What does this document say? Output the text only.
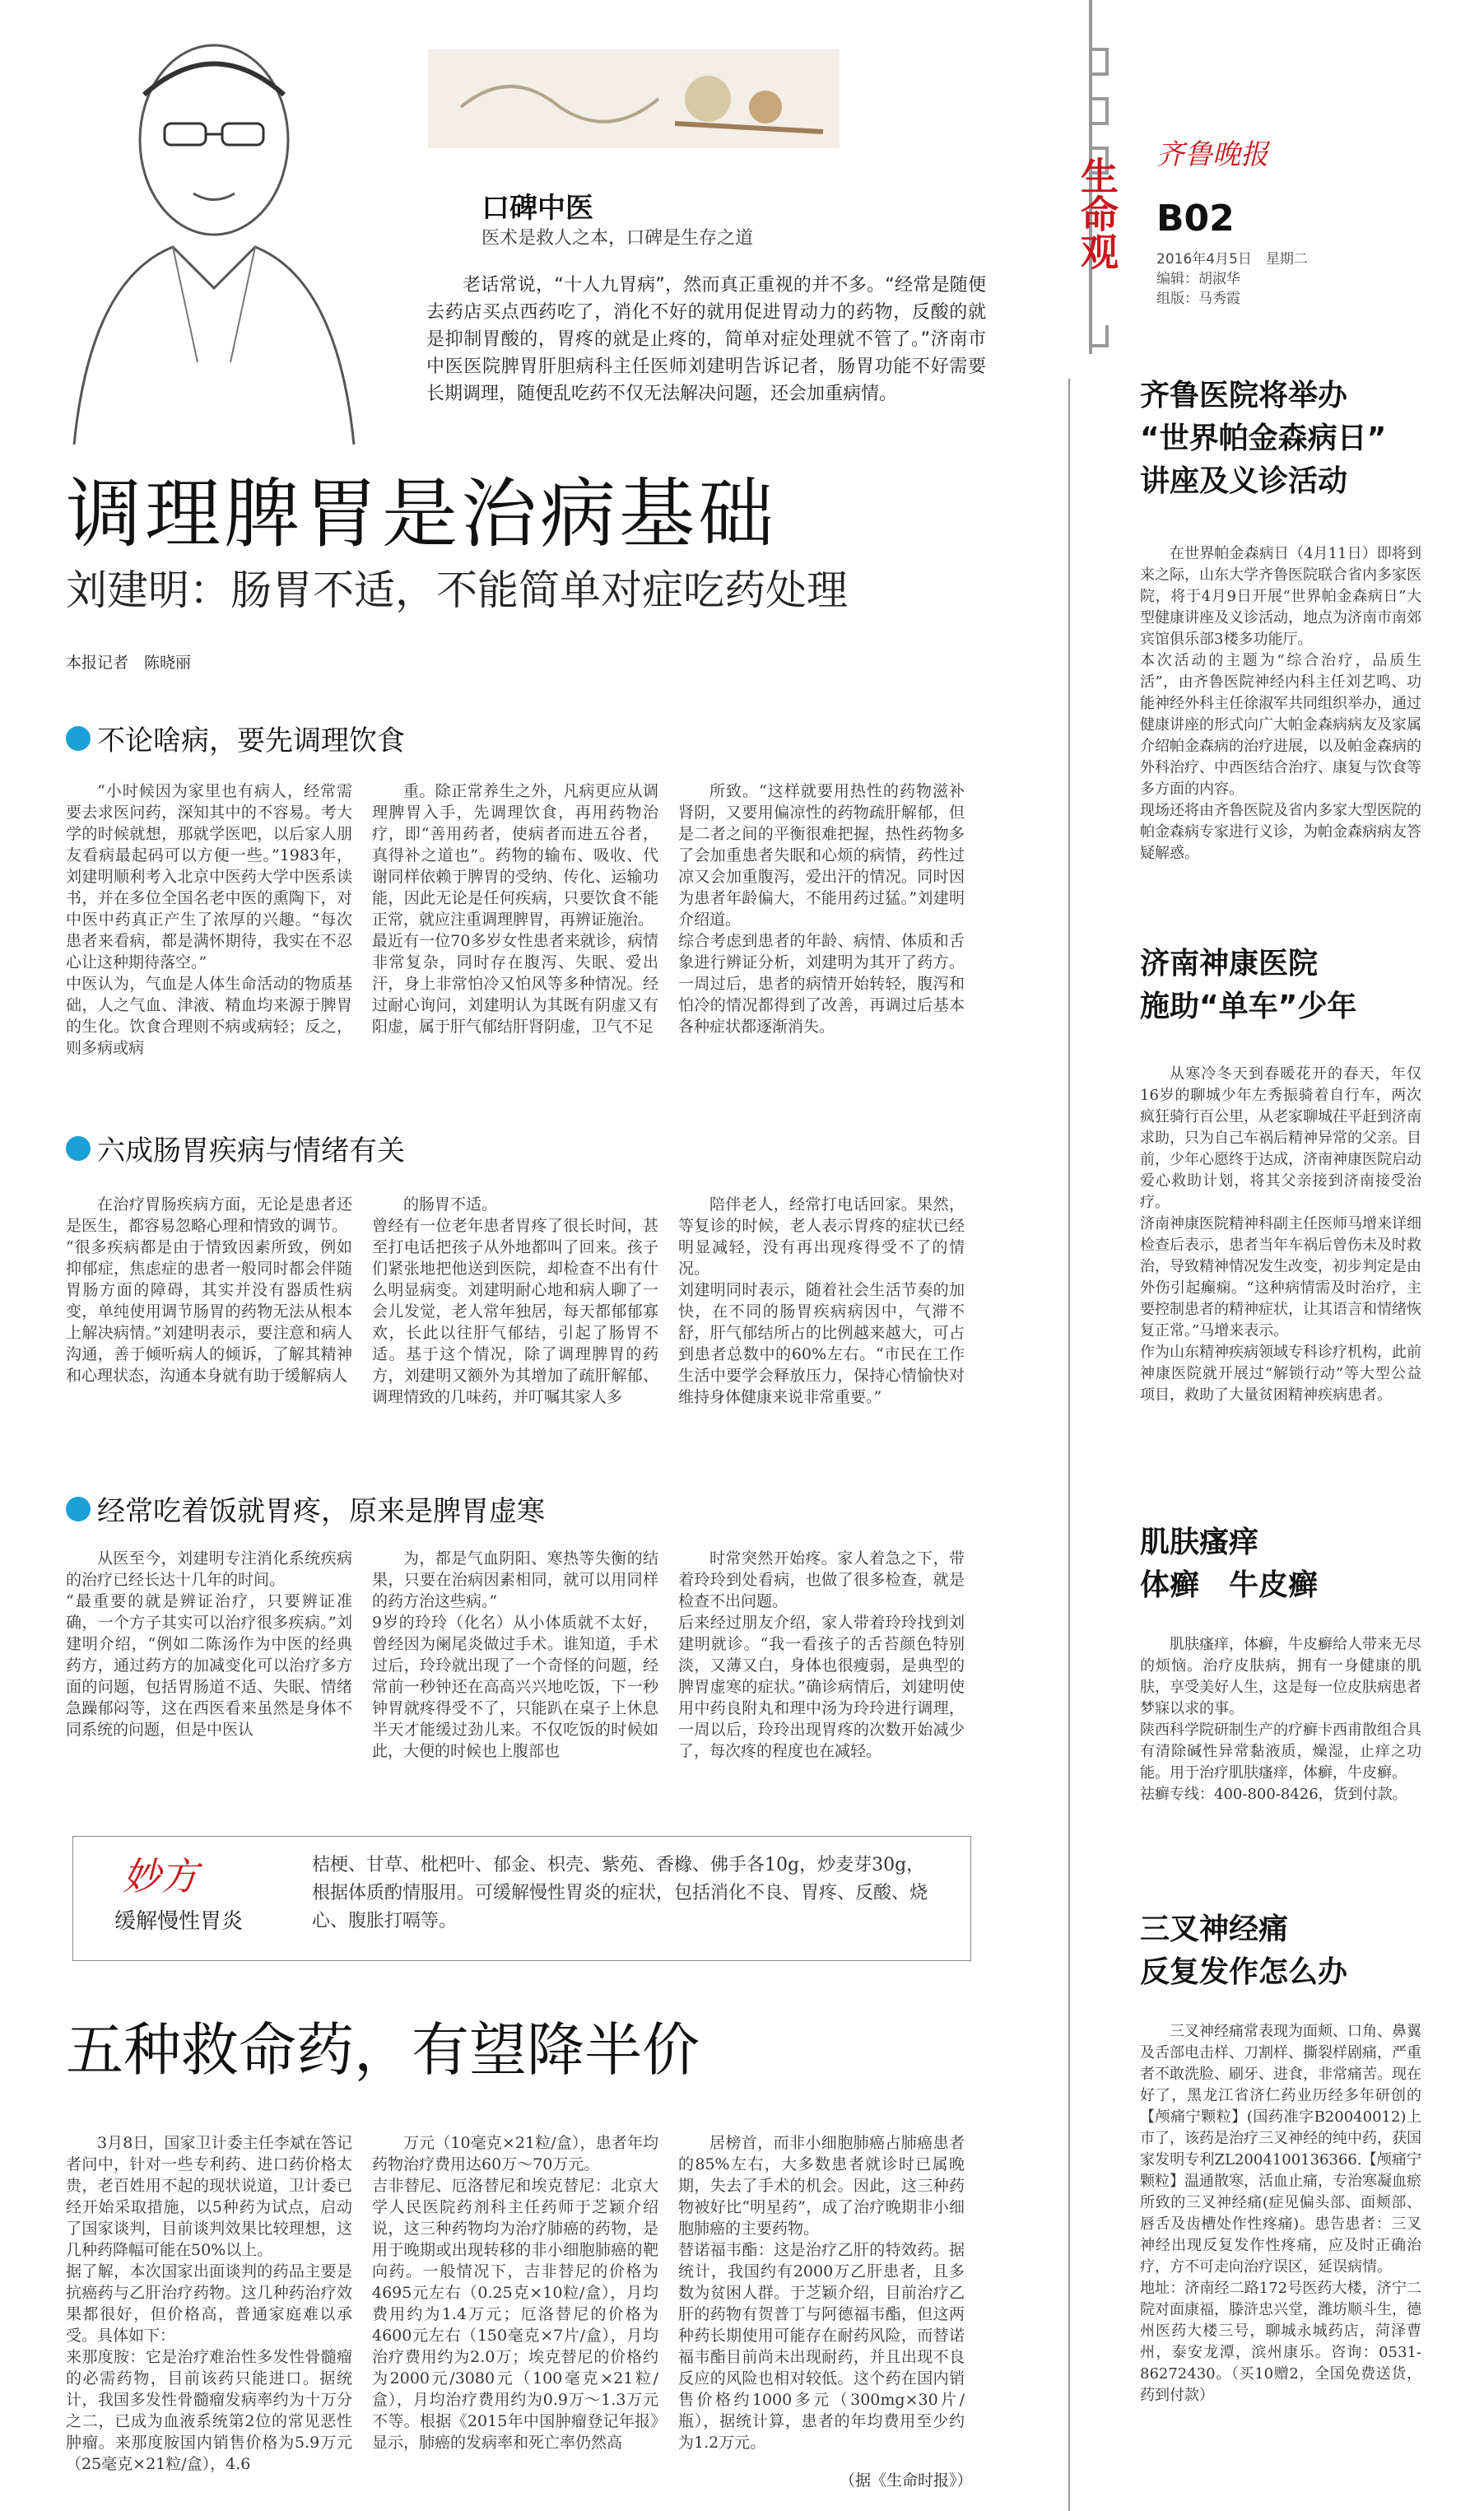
生命观
齐鲁晚报
B02
2016年4月5日　星期二
编辑：胡淑华
组版：马秀霞
口碑中医
医术是救人之本，口碑是生存之道
老话常说，“十人九胃病”，然而真正重视的并不多。“经常是随便去药店买点西药吃了，消化不好的就用促进胃动力的药物，反酸的就是抑制胃酸的，胃疼的就是止疼的，简单对症处理就不管了。”济南市中医医院脾胃肝胆病科主任医师刘建明告诉记者，肠胃功能不好需要长期调理，随便乱吃药不仅无法解决问题，还会加重病情。
调理脾胃是治病基础
刘建明：肠胃不适，不能简单对症吃药处理
本报记者　陈晓丽
不论啥病，要先调理饮食
“小时候因为家里也有病人，经常需要去求医问药，深知其中的不容易。考大学的时候就想，那就学医吧，以后家人朋友看病最起码可以方便一些。”1983年，刘建明顺利考入北京中医药大学中医系读书，并在多位全国名老中医的熏陶下，对中医中药真正产生了浓厚的兴趣。“每次患者来看病，都是满怀期待，我实在不忍心让这种期待落空。”
中医认为，气血是人体生命活动的物质基础，人之气血、津液、精血均来源于脾胃的生化。饮食合理则不病或病轻；反之，则多病或病
重。除正常养生之外，凡病更应从调理脾胃入手，先调理饮食，再用药物治疗，即“善用药者，使病者而进五谷者，真得补之道也”。药物的输布、吸收、代谢同样依赖于脾胃的受纳、传化、运输功能，因此无论是任何疾病，只要饮食不能正常，就应注重调理脾胃，再辨证施治。
最近有一位70多岁女性患者来就诊，病情非常复杂，同时存在腹泻、失眠、爱出汗，身上非常怕冷又怕风等多种情况。经过耐心询问，刘建明认为其既有阴虚又有阳虚，属于肝气郁结肝肾阴虚，卫气不足
所致。“这样就要用热性的药物滋补肾阴，又要用偏凉性的药物疏肝解郁，但是二者之间的平衡很难把握，热性药物多了会加重患者失眠和心烦的病情，药性过凉又会加重腹泻，爱出汗的情况。同时因为患者年龄偏大，不能用药过猛。”刘建明介绍道。
综合考虑到患者的年龄、病情、体质和舌象进行辨证分析，刘建明为其开了药方。一周过后，患者的病情开始转轻，腹泻和怕冷的情况都得到了改善，再调过后基本各种症状都逐渐消失。
六成肠胃疾病与情绪有关
在治疗胃肠疾病方面，无论是患者还是医生，都容易忽略心理和情致的调节。
“很多疾病都是由于情致因素所致，例如抑郁症，焦虑症的患者一般同时都会伴随胃肠方面的障碍，其实并没有器质性病变，单纯使用调节肠胃的药物无法从根本上解决病情。”刘建明表示，要注意和病人沟通，善于倾听病人的倾诉，了解其精神和心理状态，沟通本身就有助于缓解病人
的肠胃不适。
曾经有一位老年患者胃疼了很长时间，甚至打电话把孩子从外地都叫了回来。孩子们紧张地把他送到医院，却检查不出有什么明显病变。刘建明耐心地和病人聊了一会儿发觉，老人常年独居，每天都郁郁寡欢，长此以往肝气郁结，引起了肠胃不适。基于这个情况，除了调理脾胃的药方，刘建明又额外为其增加了疏肝解郁、调理情致的几味药，并叮嘱其家人多
陪伴老人，经常打电话回家。果然，等复诊的时候，老人表示胃疼的症状已经明显减轻，没有再出现疼得受不了的情况。
刘建明同时表示，随着社会生活节奏的加快，在不同的肠胃疾病病因中，气滞不舒，肝气郁结所占的比例越来越大，可占到患者总数中的60%左右。“市民在工作生活中要学会释放压力，保持心情愉快对维持身体健康来说非常重要。”
经常吃着饭就胃疼，原来是脾胃虚寒
从医至今，刘建明专注消化系统疾病的治疗已经长达十几年的时间。
“最重要的就是辨证治疗，只要辨证准确，一个方子其实可以治疗很多疾病。”刘建明介绍，“例如二陈汤作为中医的经典药方，通过药方的加减变化可以治疗多方面的问题，包括胃肠道不适、失眠、情绪急躁郁闷等，这在西医看来虽然是身体不同系统的问题，但是中医认
为，都是气血阴阳、寒热等失衡的结果，只要在治病因素相同，就可以用同样的药方治这些病。”
9岁的玲玲（化名）从小体质就不太好，曾经因为阑尾炎做过手术。谁知道，手术过后，玲玲就出现了一个奇怪的问题，经常前一秒钟还在高高兴兴地吃饭，下一秒钟胃就疼得受不了，只能趴在桌子上休息半天才能缓过劲儿来。不仅吃饭的时候如此，大便的时候也上腹部也
时常突然开始疼。家人着急之下，带着玲玲到处看病，也做了很多检查，就是检查不出问题。
后来经过朋友介绍，家人带着玲玲找到刘建明就诊。“我一看孩子的舌苔颜色特别淡，又薄又白，身体也很瘦弱，是典型的脾胃虚寒的症状。”确诊病情后，刘建明使用中药良附丸和理中汤为玲玲进行调理，一周以后，玲玲出现胃疼的次数开始减少了，每次疼的程度也在减轻。
妙方
缓解慢性胃炎
桔梗、甘草、枇杷叶、郁金、枳壳、紫苑、香橼、佛手各10g，炒麦芽30g，根据体质酌情服用。可缓解慢性胃炎的症状，包括消化不良、胃疼、反酸、烧心、腹胀打嗝等。
五种救命药，有望降半价
3月8日，国家卫计委主任李斌在答记者问中，针对一些专利药、进口药价格太贵，老百姓用不起的现状说道，卫计委已经开始采取措施，以5种药为试点，启动了国家谈判，目前谈判效果比较理想，这几种药降幅可能在50%以上。
据了解，本次国家出面谈判的药品主要是抗癌药与乙肝治疗药物。这几种药治疗效果都很好，但价格高，普通家庭难以承受。具体如下：
来那度胺：它是治疗难治性多发性骨髓瘤的必需药物，目前该药只能进口。据统计，我国多发性骨髓瘤发病率约为十万分之二，已成为血液系统第2位的常见恶性肿瘤。来那度胺国内销售价格为5.9万元（25毫克×21粒/盒），4.6
万元（10毫克×21粒/盒），患者年均药物治疗费用达60万～70万元。
吉非替尼、厄洛替尼和埃克替尼：北京大学人民医院药剂科主任药师于芝颖介绍说，这三种药物均为治疗肺癌的药物，是用于晚期或出现转移的非小细胞肺癌的靶向药。一般情况下，吉非替尼的价格为4695元左右（0.25克×10粒/盒），月均费用约为1.4万元；厄洛替尼的价格为4600元左右（150毫克×7片/盒），月均治疗费用约为2.0万；埃克替尼的价格约为2000元/3080元（100毫克×21粒/盒），月均治疗费用约为0.9万～1.3万元不等。根据《2015年中国肿瘤登记年报》显示，肺癌的发病率和死亡率仍然高
居榜首，而非小细胞肺癌占肺癌患者的85%左右，大多数患者就诊时已属晚期，失去了手术的机会。因此，这三种药物被好比“明星药”，成了治疗晚期非小细胞肺癌的主要药物。
替诺福韦酯：这是治疗乙肝的特效药。据统计，我国约有2000万乙肝患者，且多数为贫困人群。于芝颖介绍，目前治疗乙肝的药物有贺普丁与阿德福韦酯，但这两种药长期使用可能存在耐药风险，而替诺福韦酯目前尚未出现耐药，并且出现不良反应的风险也相对较低。这个药在国内销售价格约1000多元（300mg×30片/瓶），据统计算，患者的年均费用至少约为1.2万元。
（据《生命时报》）
齐鲁医院将举办
“世界帕金森病日”
讲座及义诊活动
在世界帕金森病日（4月11日）即将到来之际，山东大学齐鲁医院联合省内多家医院，将于4月9日开展“世界帕金森病日”大型健康讲座及义诊活动，地点为济南市南郊宾馆俱乐部3楼多功能厅。
本次活动的主题为“综合治疗，品质生活”，由齐鲁医院神经内科主任刘艺鸣、功能神经外科主任徐淑军共同组织举办，通过健康讲座的形式向广大帕金森病病友及家属介绍帕金森病的治疗进展，以及帕金森病的外科治疗、中西医结合治疗、康复与饮食等多方面的内容。
现场还将由齐鲁医院及省内多家大型医院的帕金森病专家进行义诊，为帕金森病病友答疑解惑。
济南神康医院
施助“单车”少年
从寒冷冬天到春暖花开的春天，年仅16岁的聊城少年左秀振骑着自行车，两次疯狂骑行百公里，从老家聊城茌平赶到济南求助，只为自己车祸后精神异常的父亲。目前，少年心愿终于达成，济南神康医院启动爱心救助计划，将其父亲接到济南接受治疗。
济南神康医院精神科副主任医师马增来详细检查后表示，患者当年车祸后曾伤未及时救治，导致精神情况发生改变，初步判定是由外伤引起癫痫。“这种病情需及时治疗，主要控制患者的精神症状，让其语言和情绪恢复正常。”马增来表示。
作为山东精神疾病领域专科诊疗机构，此前神康医院就开展过“解锁行动”等大型公益项目，救助了大量贫困精神疾病患者。
肌肤瘙痒
体癣　牛皮癣
肌肤瘙痒，体癣，牛皮癣给人带来无尽的烦恼。治疗皮肤病，拥有一身健康的肌肤，享受美好人生，这是每一位皮肤病患者梦寐以求的事。
陕西科学院研制生产的疗癣卡西甫散组合具有清除碱性异常黏液质，燥湿，止痒之功能。用于治疗肌肤瘙痒，体癣，牛皮癣。
祛癣专线：400-800-8426，货到付款。
三叉神经痛
反复发作怎么办
三叉神经痛常表现为面颊、口角、鼻翼及舌部电击样、刀割样、撕裂样剧痛，严重者不敢洗脸、刷牙、进食，非常痛苦。现在好了，黑龙江省济仁药业历经多年研创的【颅痛宁颗粒】(国药准字B20040012)上市了，该药是治疗三叉神经的纯中药，获国家发明专利ZL2004100136366.【颅痛宁颗粒】温通散寒，活血止痛，专治寒凝血瘀所致的三叉神经痛(症见偏头部、面颊部、唇舌及齿槽处作性疼痛)。患告患者：三叉神经出现反复发作性疼痛，应及时正确治疗，方不可走向治疗误区，延误病情。
地址：济南经二路172号医药大楼，济宁二院对面康福，滕浒忠兴堂，潍坊顺斗生，德州医药大楼三号，聊城永城药店，菏泽曹州，泰安龙潭，滨州康乐。咨询：0531-86272430。（买10赠2，全国免费送货，药到付款）
